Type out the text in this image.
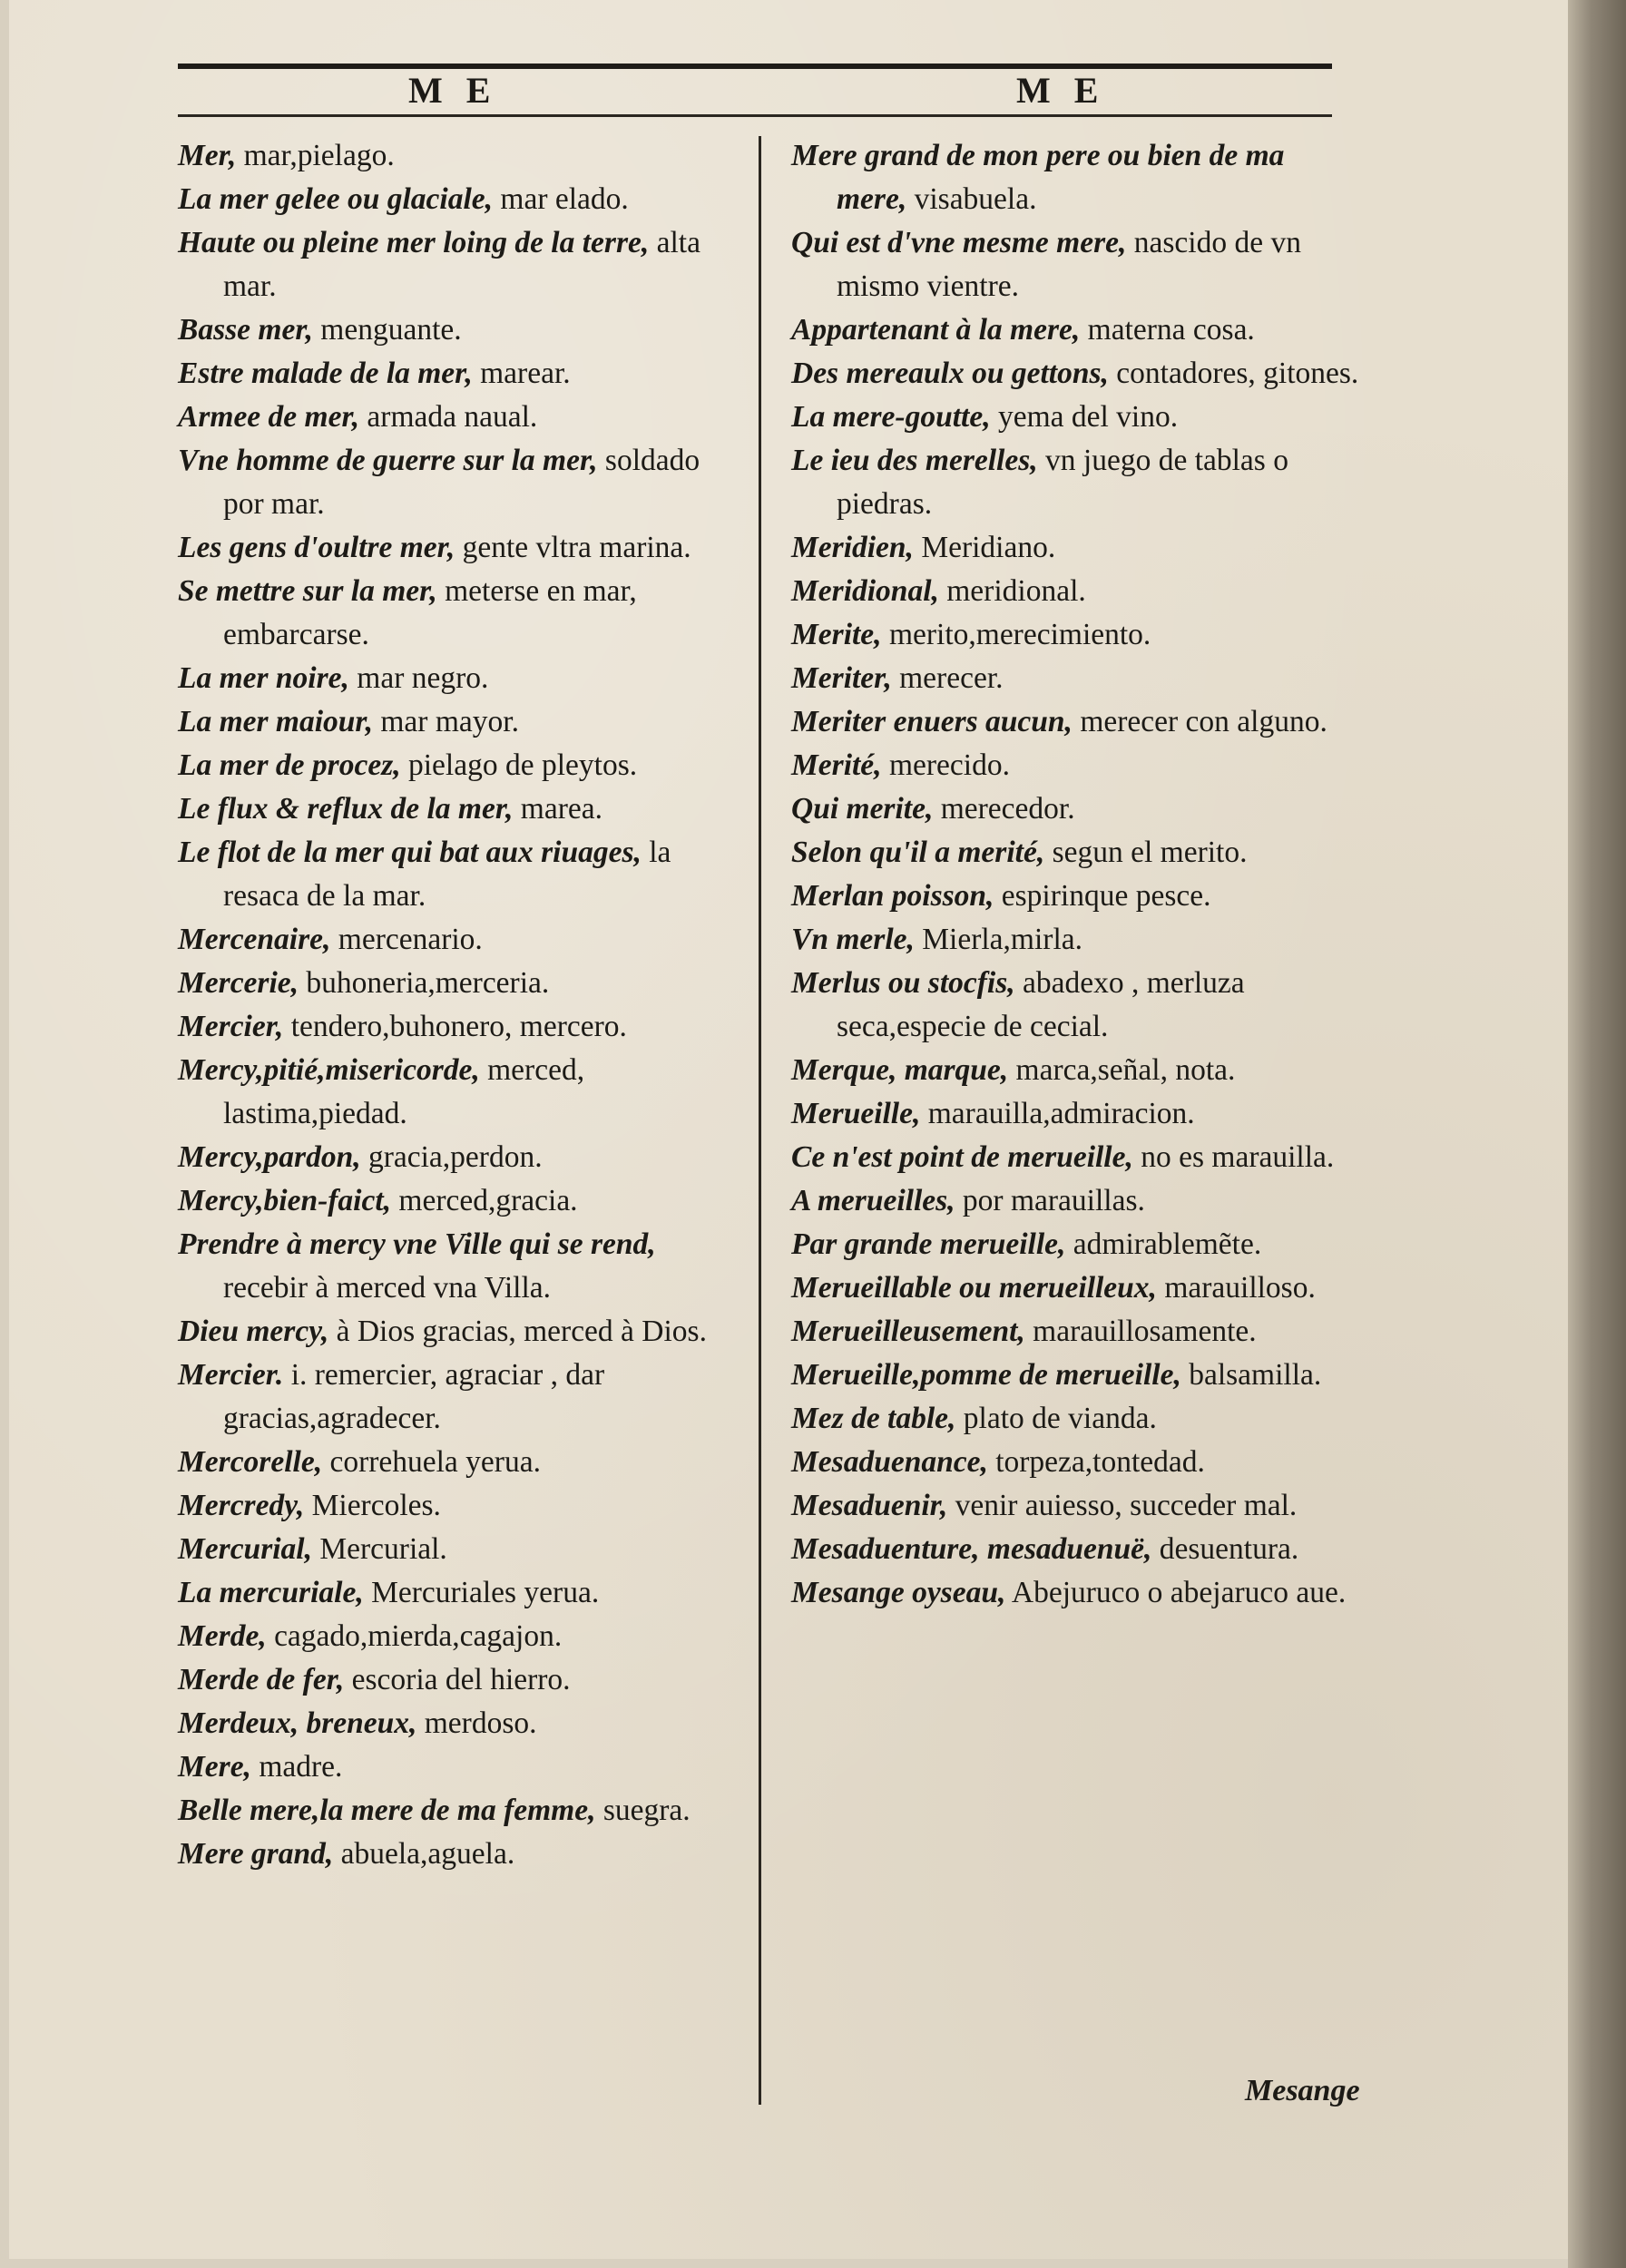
M E	M E
Mer, mar,pielago.
La mer gelee ou glaciale, mar elado.
Haute ou pleine mer loing de la terre, alta mar.
Basse mer, menguante.
Estre malade de la mer, marear.
Armee de mer, armada naual.
Vne homme de guerre sur la mer, soldado por mar.
Les gens d'oultre mer, gente vltra marina.
Se mettre sur la mer, meterse en mar, embarcarse.
La mer noire, mar negro.
La mer maiour, mar mayor.
La mer de procez, pielago de pleytos.
Le flux & reflux de la mer, marea.
Le flot de la mer qui bat aux riuages, la resaca de la mar.
Mercenaire, mercenario.
Mercerie, buhoneria,merceria.
Mercier, tendero,buhonero, mercero.
Mercy,pitié,misericorde, merced, lastima,piedad.
Mercy,pardon, gracia,perdon.
Mercy,bien-faict, merced,gracia.
Prendre à mercy vne Ville qui se rend, recebir à merced vna Villa.
Dieu mercy, à Dios gracias, merced à Dios.
Mercier. i. remercier, agraciar , dar gracias,agradecer.
Mercorelle, correhuela yerua.
Mercredy, Miercoles.
Mercurial, Mercurial.
La mercuriale, Mercuriales yerua.
Merde, cagado,mierda,cagajon.
Merde de fer, escoria del hierro.
Merdeux, breneux, merdoso.
Mere, madre.
Belle mere,la mere de ma femme, suegra.
Mere grand, abuela,aguela.
Mere grand de mon pere ou bien de ma mere, visabuela.
Qui est d'vne mesme mere, nascido de vn mismo vientre.
Appartenant à la mere, materna cosa.
Des mereaulx ou gettons, contadores, gitones.
La mere-goutte, yema del vino.
Le ieu des merelles, vn juego de tablas o piedras.
Meridien, Meridiano.
Meridional, meridional.
Merite, merito,merecimiento.
Meriter, merecer.
Meriter enuers aucun, merecer con alguno.
Merité, merecido.
Qui merite, merecedor.
Selon qu'il a merité, segun el merito.
Merlan poisson, espirinque pesce.
Vn merle, Mierla,mirla.
Merlus ou stocfis, abadexo , merluza seca,especie de cecial.
Merque, marque, marca,señal, nota.
Merueille, marauilla,admiracion.
Ce n'est point de merueille, no es marauilla.
A merueilles, por marauillas.
Par grande merueille, admirablemẽte.
Merueillable ou merueilleux, marauilloso.
Merueilleusement, marauillosamente.
Merueille,pomme de merueille, balsamilla.
Mez de table, plato de vianda.
Mesaduenance, torpeza,tontedad.
Mesaduenir, venir auiesso, succeder mal.
Mesaduenture, mesaduenuë, desuentura.
Mesange oyseau, Abejuruco o abejaruco aue.
Mesange
